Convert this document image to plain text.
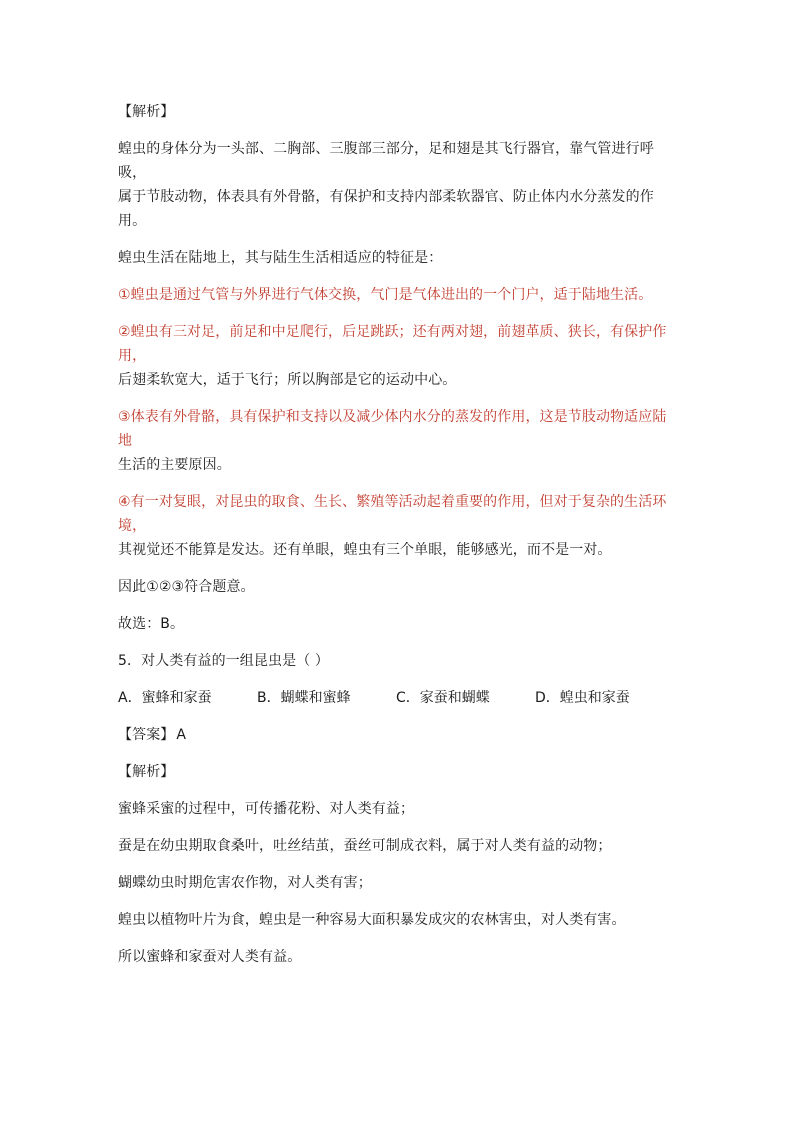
【解析】

蝗虫的身体分为一头部、二胸部、三腹部三部分，足和翅是其飞行器官，靠气管进行呼吸，
属于节肢动物，体表具有外骨骼，有保护和支持内部柔软器官、防止体内水分蒸发的作用。

蝗虫生活在陆地上，其与陆生生活相适应的特征是：

①蝗虫是通过气管与外界进行气体交换，气门是气体进出的一个门户，适于陆地生活。

②蝗虫有三对足，前足和中足爬行，后足跳跃；还有两对翅，前翅革质、狭长，有保护作用，
后翅柔软宽大，适于飞行；所以胸部是它的运动中心。

③体表有外骨骼，具有保护和支持以及减少体内水分的蒸发的作用，这是节肢动物适应陆地
生活的主要原因。

④有一对复眼，对昆虫的取食、生长、繁殖等活动起着重要的作用，但对于复杂的生活环境，
其视觉还不能算是发达。还有单眼，蝗虫有三个单眼，能够感光，而不是一对。

因此①②③符合题意。

故选：B。

5．对人类有益的一组昆虫是（ ）

A．蜜蜂和家蚕	B．蝴蝶和蜜蜂	C．家蚕和蝴蝶	D．蝗虫和家蚕

【答案】 A

【解析】

蜜蜂采蜜的过程中，可传播花粉、对人类有益；

蚕是在幼虫期取食桑叶，吐丝结茧，蚕丝可制成衣料，属于对人类有益的动物；

蝴蝶幼虫时期危害农作物，对人类有害；

蝗虫以植物叶片为食，蝗虫是一种容易大面积暴发成灾的农林害虫，对人类有害。

所以蜜蜂和家蚕对人类有益。
